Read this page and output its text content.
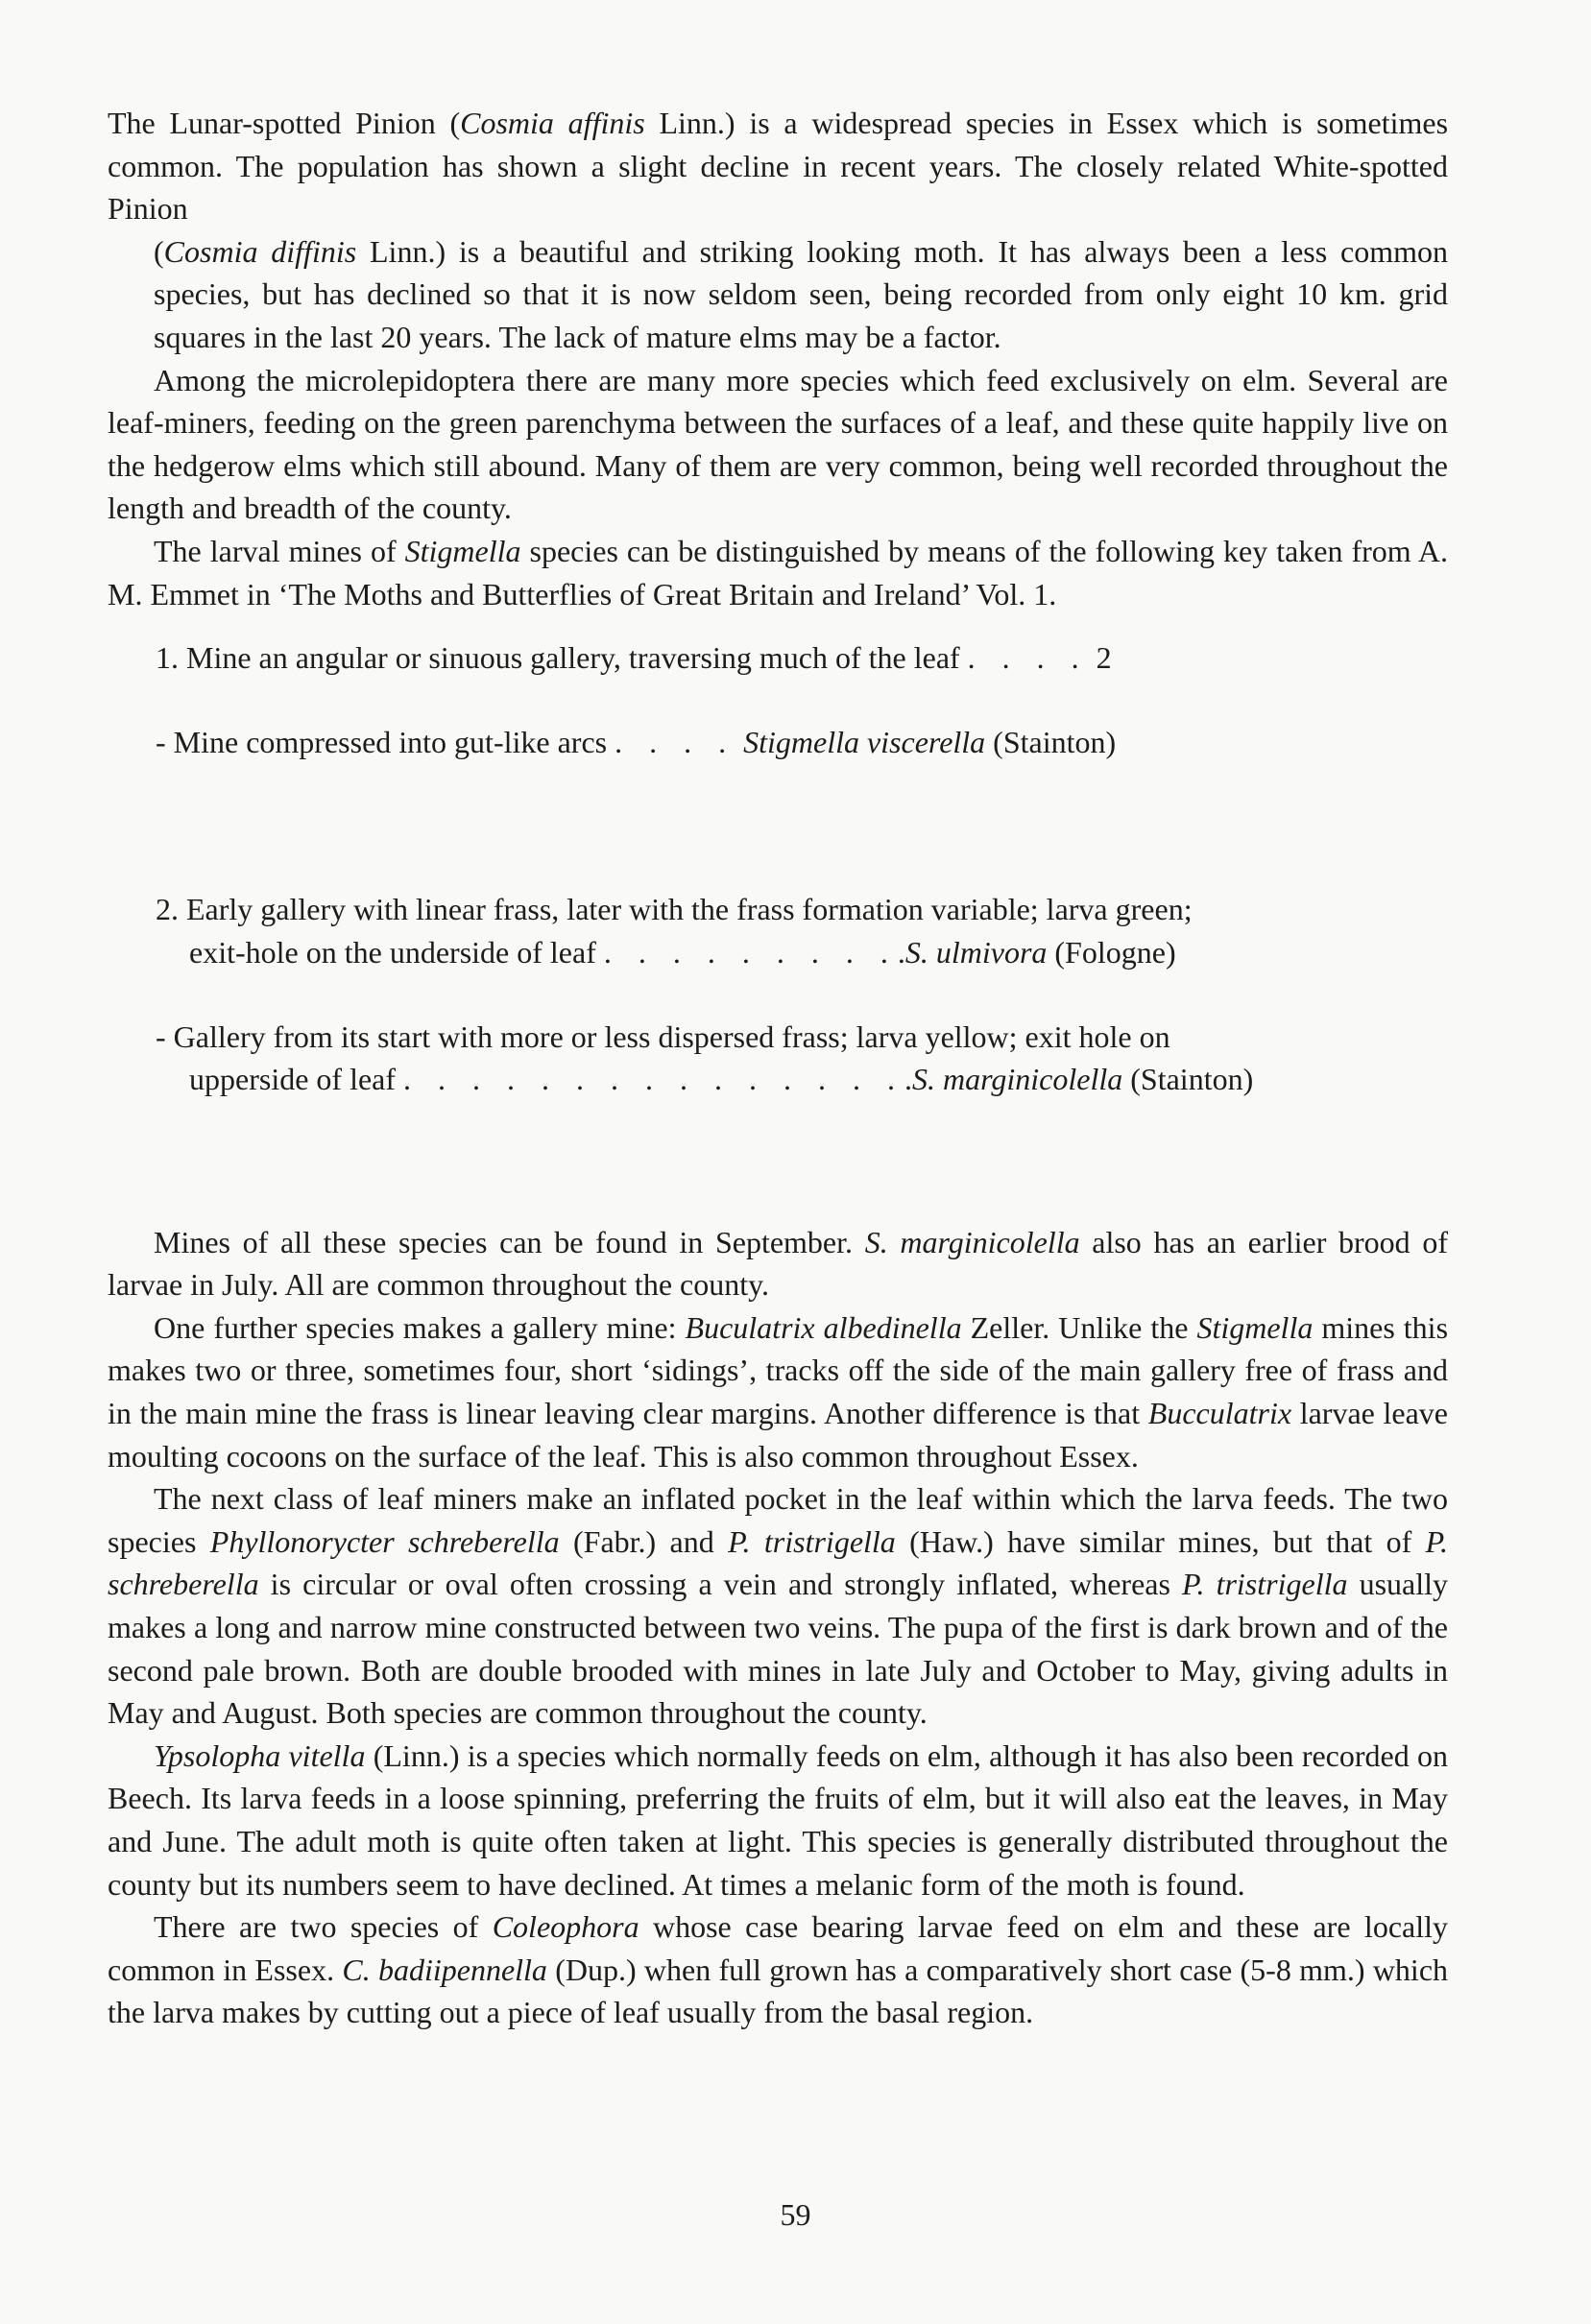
The Lunar-spotted Pinion (Cosmia affinis Linn.) is a widespread species in Essex which is sometimes common. The population has shown a slight decline in recent years. The closely related White-spotted Pinion

(Cosmia diffinis Linn.) is a beautiful and striking looking moth. It has always been a less common species, but has declined so that it is now seldom seen, being recorded from only eight 10 km. grid squares in the last 20 years. The lack of mature elms may be a factor.

Among the microlepidoptera there are many more species which feed exclusively on elm. Several are leaf-miners, feeding on the green parenchyma between the surfaces of a leaf, and these quite happily live on the hedgerow elms which still abound. Many of them are very common, being well recorded throughout the length and breadth of the county.

The larval mines of Stigmella species can be distinguished by means of the following key taken from A. M. Emmet in ‘The Moths and Butterflies of Great Britain and Ireland’ Vol. 1.

1. Mine an angular or sinuous gallery, traversing much of the leaf . . . . 2
- Mine compressed into gut-like arcs . . . . Stigmella viscerella (Stainton)
2. Early gallery with linear frass, later with the frass formation variable; larva green;
exit-hole on the underside of leaf . . . . . . . . ..S. ulmivora (Fologne)
- Gallery from its start with more or less dispersed frass; larva yellow; exit hole on
upperside of leaf . . . . . . . . . . . . . . ..S. marginicolella (Stainton)

Mines of all these species can be found in September. S. marginicolella also has an earlier brood of larvae in July. All are common throughout the county.

One further species makes a gallery mine: Buculatrix albedinella Zeller. Unlike the Stigmella mines this makes two or three, sometimes four, short ‘sidings’, tracks off the side of the main gallery free of frass and in the main mine the frass is linear leaving clear margins. Another difference is that Bucculatrix larvae leave moulting cocoons on the surface of the leaf. This is also common throughout Essex.

The next class of leaf miners make an inflated pocket in the leaf within which the larva feeds. The two species Phyllonorycter schreberella (Fabr.) and P. tristrigella (Haw.) have similar mines, but that of P. schreberella is circular or oval often crossing a vein and strongly inflated, whereas P. tristrigella usually makes a long and narrow mine constructed between two veins. The pupa of the first is dark brown and of the second pale brown. Both are double brooded with mines in late July and October to May, giving adults in May and August. Both species are common throughout the county.

Ypsolopha vitella (Linn.) is a species which normally feeds on elm, although it has also been recorded on Beech. Its larva feeds in a loose spinning, preferring the fruits of elm, but it will also eat the leaves, in May and June. The adult moth is quite often taken at light. This species is generally distributed throughout the county but its numbers seem to have declined. At times a melanic form of the moth is found.

There are two species of Coleophora whose case bearing larvae feed on elm and these are locally common in Essex. C. badiipennella (Dup.) when full grown has a comparatively short case (5-8 mm.) which the larva makes by cutting out a piece of leaf usually from the basal region.

59
